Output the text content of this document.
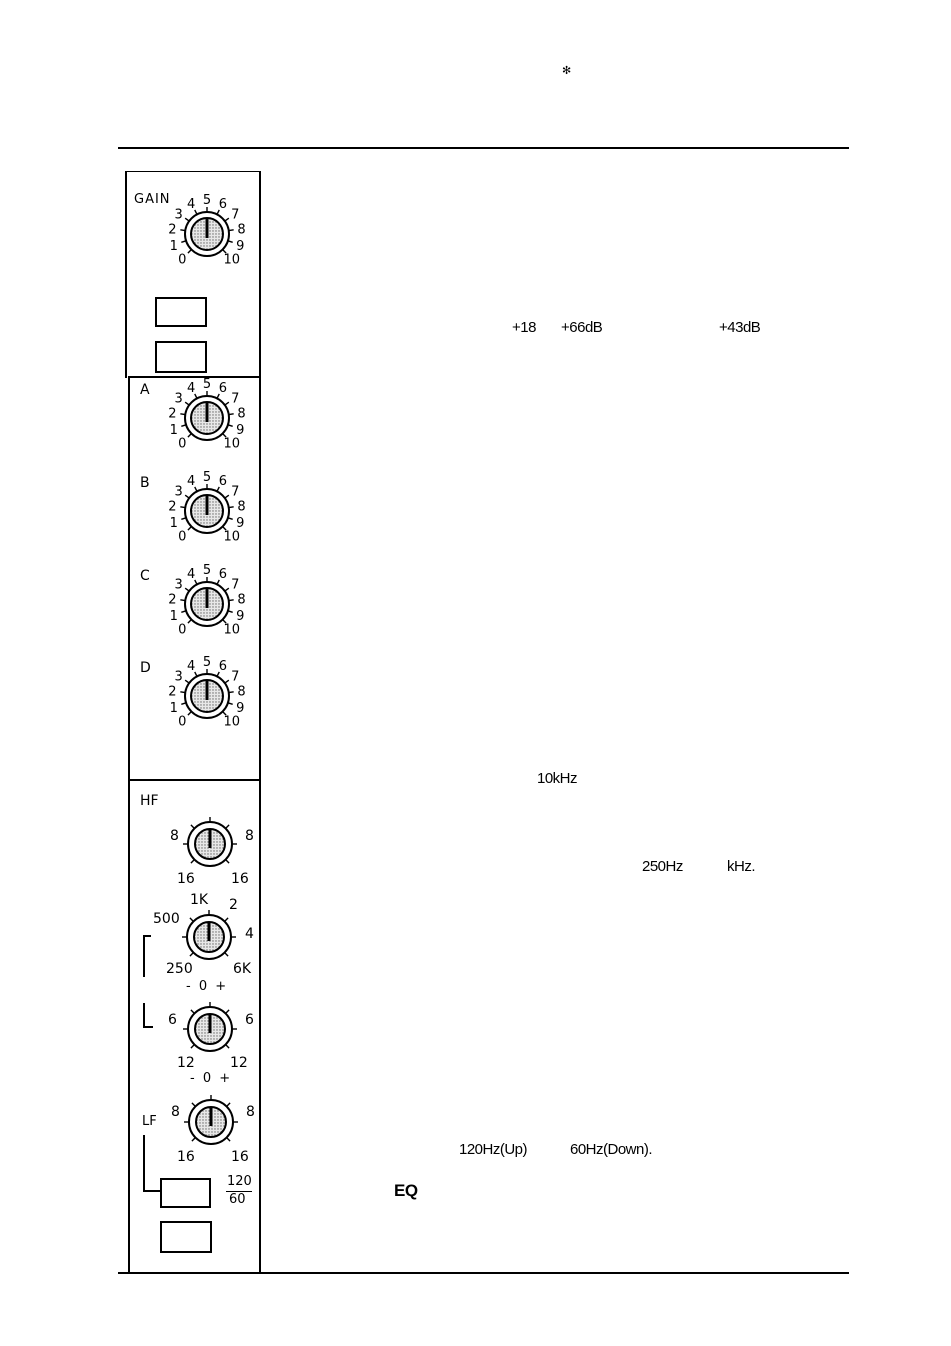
✻
GAIN
0
1
2
3
4 5 6
7
8
9
10
A
0
1
2
3
4 5 6
7
8
9
10
B
0
1
2
3
4 5 6
7
8
9
10
C
0
1
2
3
4 5 6
7
8
9
10
D
0
1
2
3
4 5 6
7
8
9
10
HF
8	8
16	16
1K 2
500
4
250	6K
- 0 +
6	6
12	12
- 0 +
LF
8	8
16	16
120
60
+18 +66dB	+43dB
10kHz
250Hz	kHz.
120Hz(Up)	60Hz(Down).
EQ
